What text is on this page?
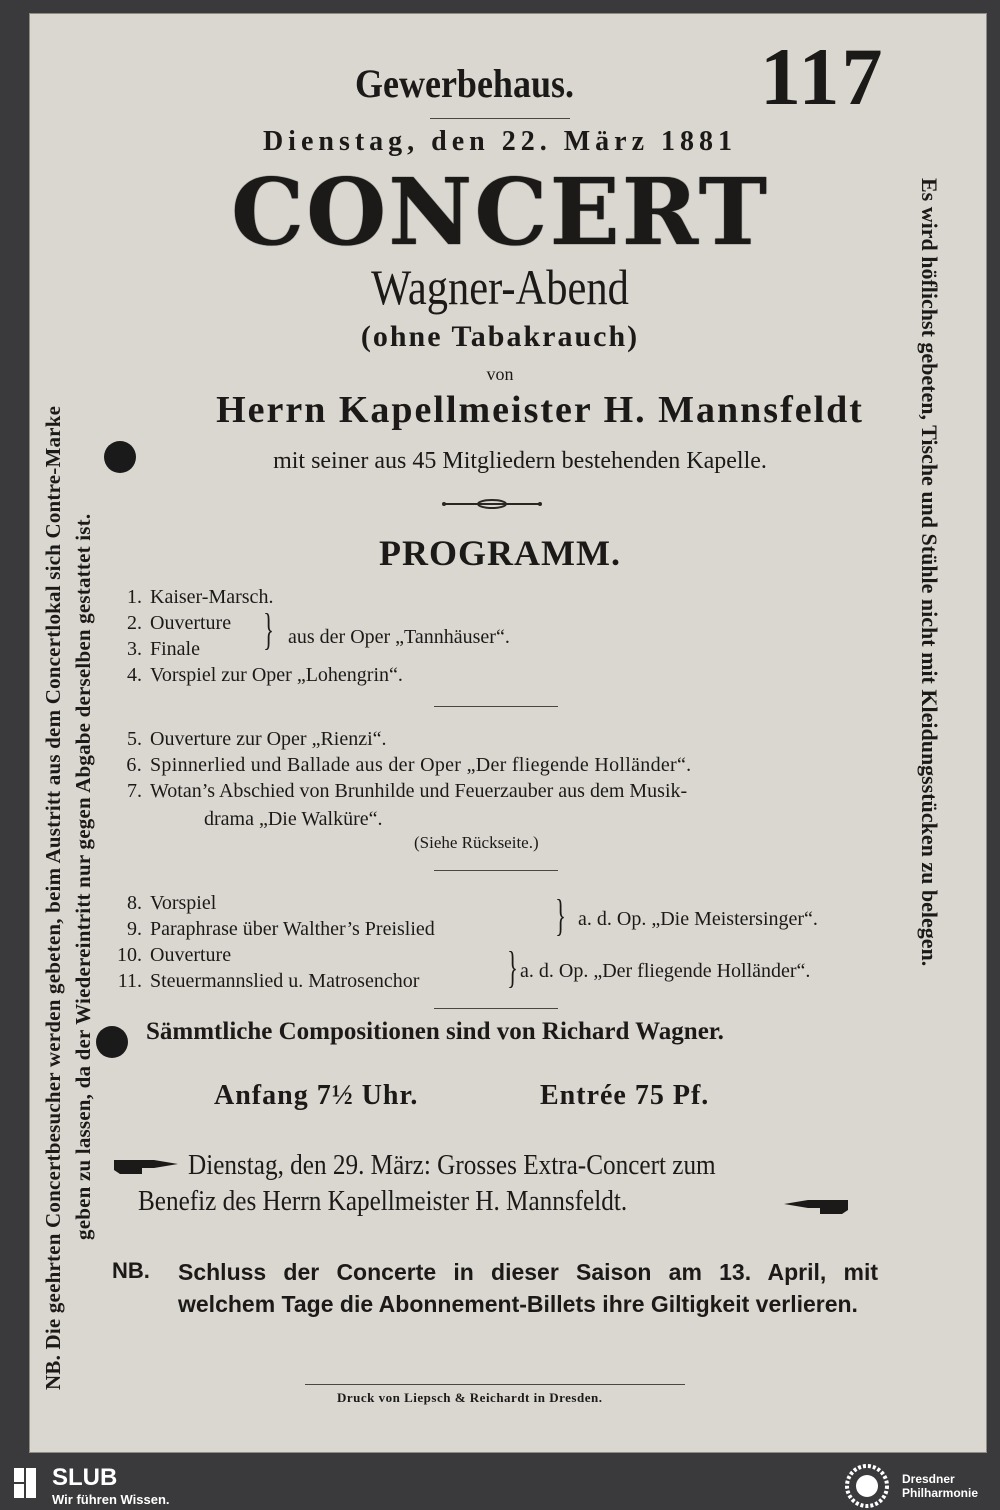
Gewerbehaus. 117
Dienstag, den 22. März 1881
CONCERT
Wagner-Abend
(ohne Tabakrauch)
von
Herrn Kapellmeister H. Mannsfeldt
mit seiner aus 45 Mitgliedern bestehenden Kapelle.
PROGRAMM.
1. Kaiser-Marsch.
2. Ouverture
3. Finale } aus der Oper „Tannhäuser“.
4. Vorspiel zur Oper „Lohengrin“.
5. Ouverture zur Oper „Rienzi“.
6. Spinnerlied und Ballade aus der Oper „Der fliegende Holländer“.
7. Wotan’s Abschied von Brunhilde und Feuerzauber aus dem Musik-
drama „Die Walküre“.
(Siehe Rückseite.)
8. Vorspiel
9. Paraphrase über Walther’s Preislied	} a. d. Op. „Die Meistersinger“.
10. Ouverture
11. Steuermannslied u. Matrosenchor } a. d. Op. „Der fliegende Holländer“.
Sämmtliche Compositionen sind von Richard Wagner.
Anfang 7½ Uhr.	Entrée 75 Pf.
Dienstag, den 29. März: Grosses Extra-Concert zum
Benefiz des Herrn Kapellmeister H. Mannsfeldt.
NB. Schluss der Concerte in dieser Saison am 13. April, mit welchem Tage die Abonnement-Billets ihre Giltigkeit verlieren.
Druck von Liepsch & Reichardt in Dresden.
NB. Die geehrten Concertbesucher werden gebeten, beim Austritt aus dem Concertlokal sich Contre-Marke geben zu lassen, da der Wiedereintritt nur gegen Abgabe derselben gestattet ist.	Es wird höflichst gebeten, Tische und Stühle nicht mit Kleidungsstücken zu belegen.
SLUB
Wir führen Wissen.
Dresdner
Philharmonie
